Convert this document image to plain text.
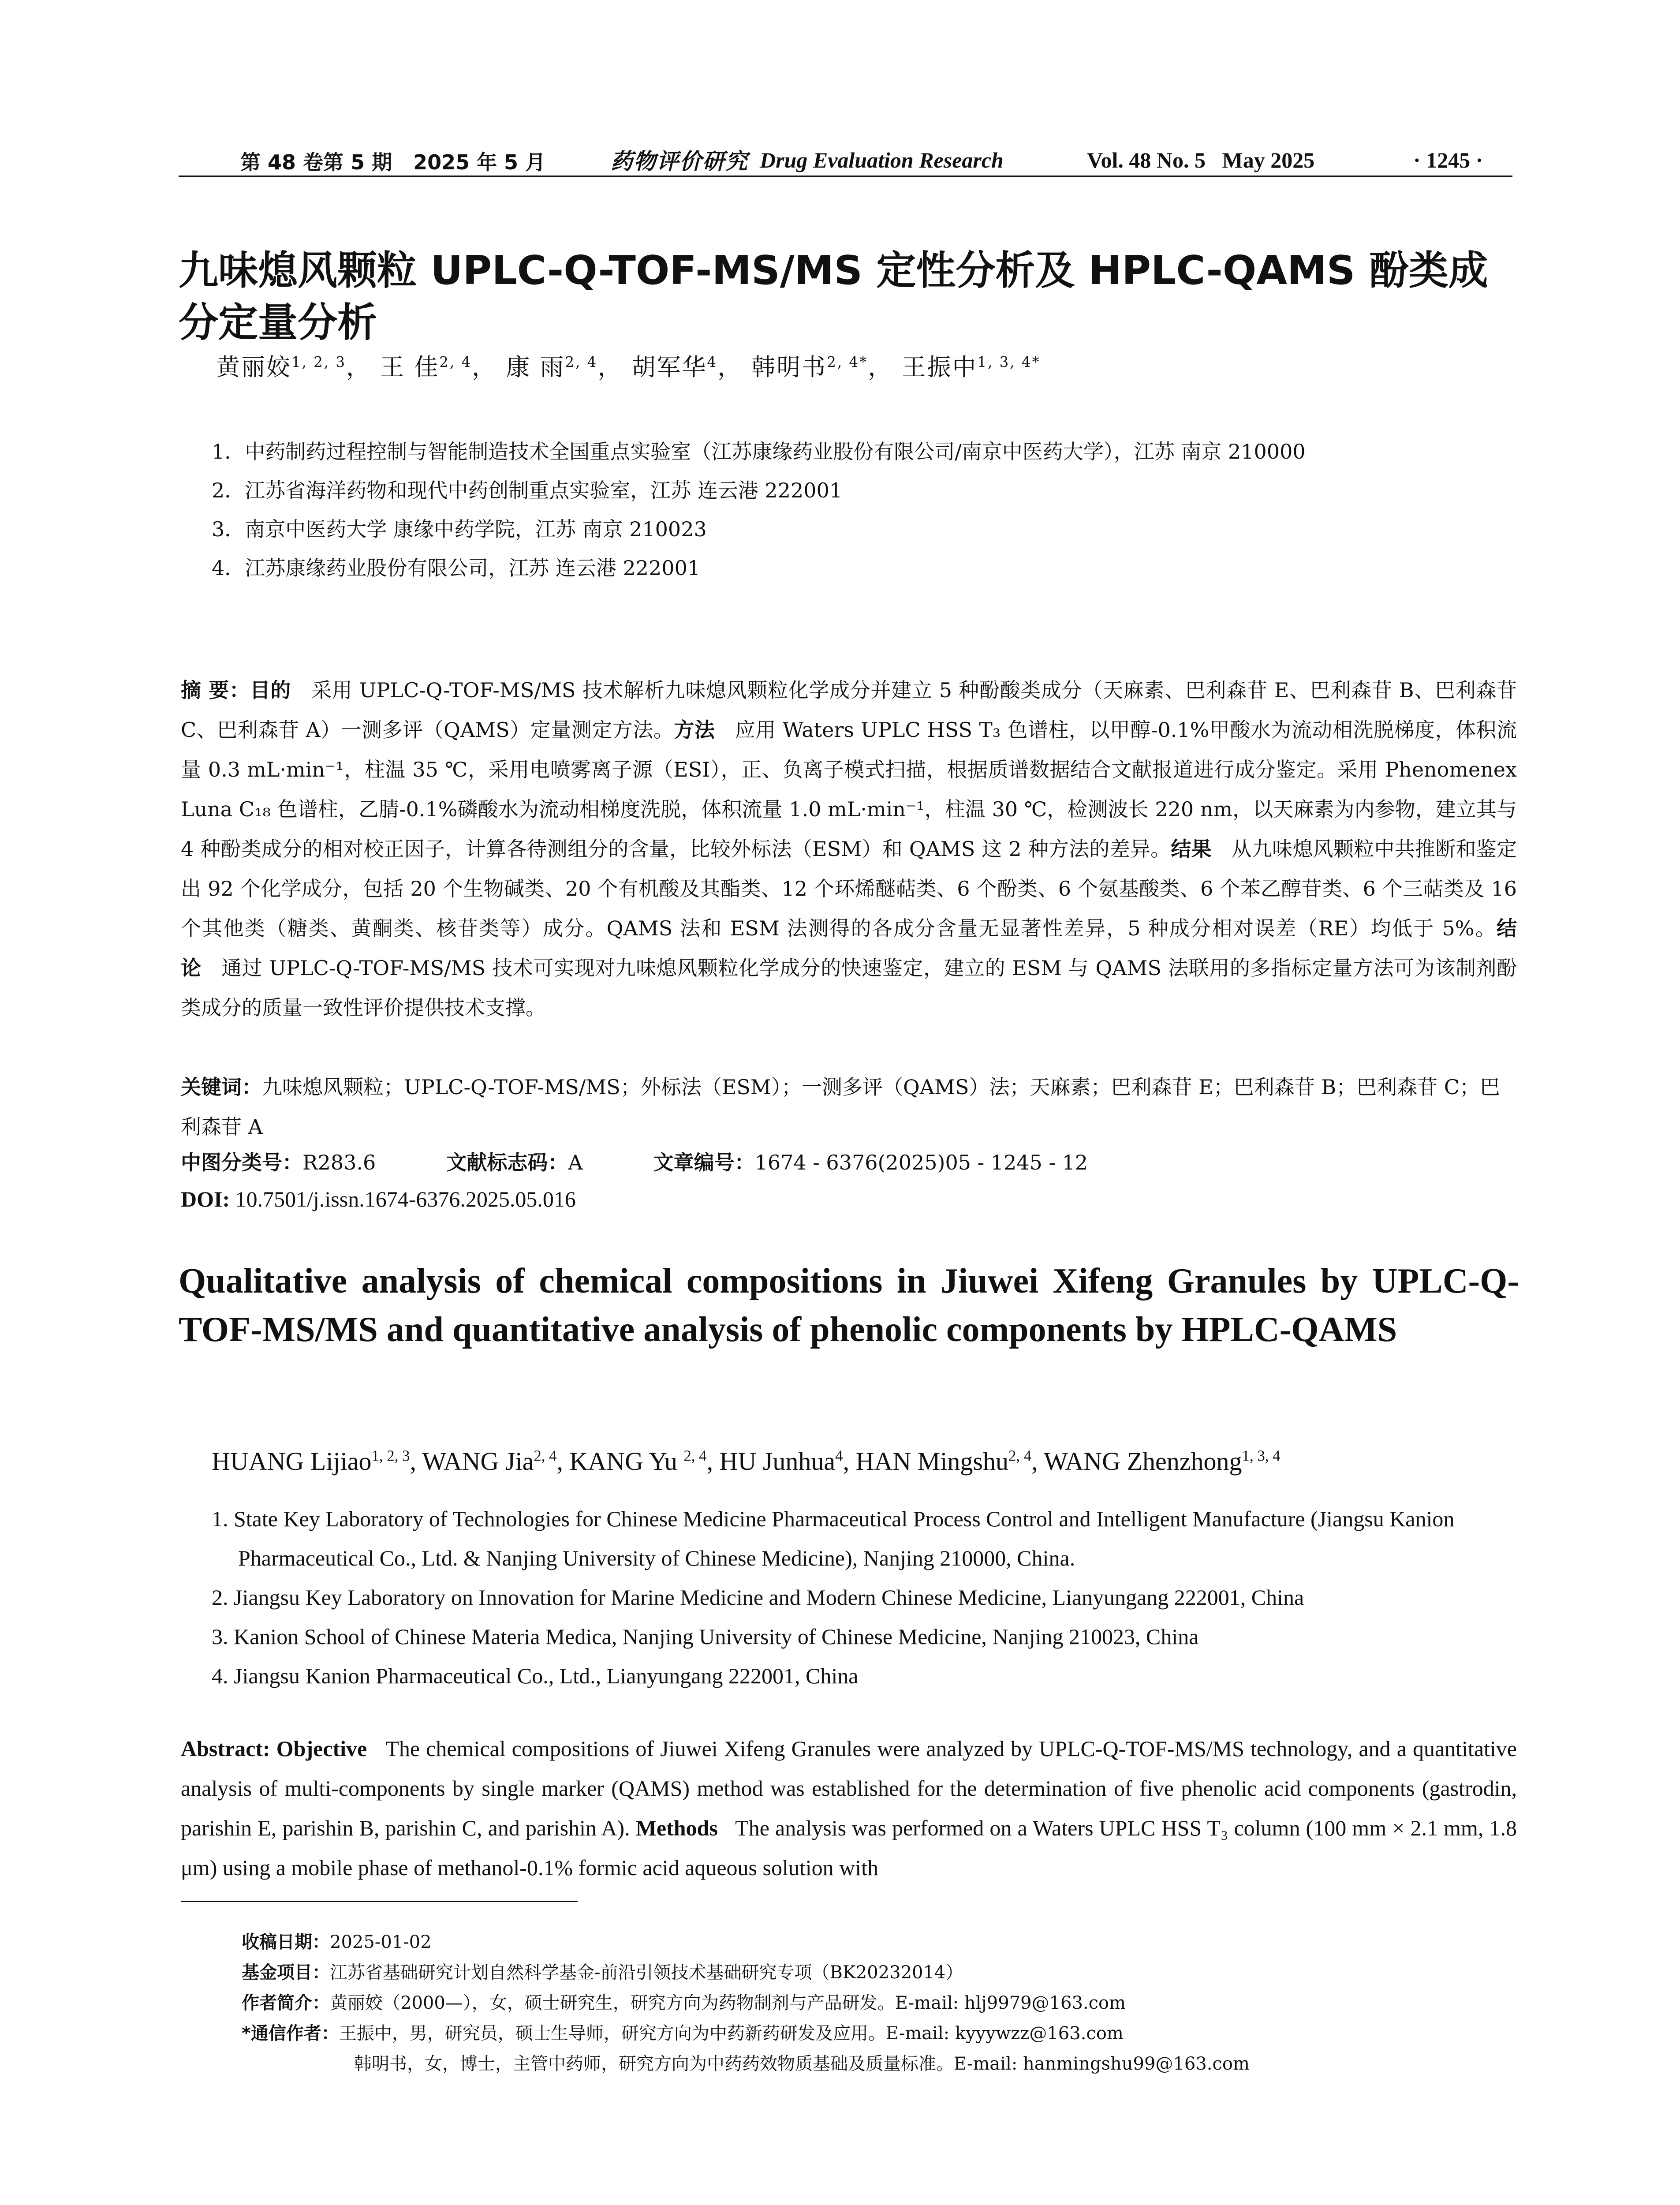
第 48 卷第 5 期   2025 年 5 月	药物评价研究 Drug Evaluation Research	Vol. 48 No. 5   May 2025	· 1245 ·
九味熄风颗粒 UPLC-Q-TOF-MS/MS 定性分析及 HPLC-QAMS 酚类成分定量分析
黄丽姣$^{1, 2, 3}$， 王 佳$^{2, 4}$， 康 雨$^{2, 4}$， 胡军华$^4$， 韩明书$^{2, 4*}$， 王振中$^{1, 3, 4*}$
1．中药制药过程控制与智能制造技术全国重点实验室（江苏康缘药业股份有限公司/南京中医药大学），江苏 南京 210000
2．江苏省海洋药物和现代中药创制重点实验室，江苏 连云港 222001
3．南京中医药大学 康缘中药学院，江苏 南京 210023
4．江苏康缘药业股份有限公司，江苏 连云港 222001
摘 要：目的 采用 UPLC-Q-TOF-MS/MS 技术解析九味熄风颗粒化学成分并建立 5 种酚酸类成分（天麻素、巴利森苷 E、巴利森苷 B、巴利森苷 C、巴利森苷 A）一测多评（QAMS）定量测定方法。方法 应用 Waters UPLC HSS T₃ 色谱柱，以甲醇-0.1%甲酸水为流动相洗脱梯度，体积流量 0.3 mL·min⁻¹，柱温 35 ℃，采用电喷雾离子源（ESI），正、负离子模式扫描，根据质谱数据结合文献报道进行成分鉴定。采用 Phenomenex Luna C₁₈ 色谱柱，乙腈-0.1%磷酸水为流动相梯度洗脱，体积流量 1.0 mL·min⁻¹，柱温 30 ℃，检测波长 220 nm，以天麻素为内参物，建立其与 4 种酚类成分的相对校正因子，计算各待测组分的含量，比较外标法（ESM）和 QAMS 这 2 种方法的差异。结果 从九味熄风颗粒中共推断和鉴定出 92 个化学成分，包括 20 个生物碱类、20 个有机酸及其酯类、12 个环烯醚萜类、6 个酚类、6 个氨基酸类、6 个苯乙醇苷类、6 个三萜类及 16 个其他类（糖类、黄酮类、核苷类等）成分。QAMS 法和 ESM 法测得的各成分含量无显著性差异，5 种成分相对误差（RE）均低于 5%。结论 通过 UPLC-Q-TOF-MS/MS 技术可实现对九味熄风颗粒化学成分的快速鉴定，建立的 ESM 与 QAMS 法联用的多指标定量方法可为该制剂酚类成分的质量一致性评价提供技术支撑。
关键词：九味熄风颗粒；UPLC-Q-TOF-MS/MS；外标法（ESM）；一测多评（QAMS）法；天麻素；巴利森苷 E；巴利森苷 B；巴利森苷 C；巴利森苷 A
中图分类号：R283.6	文献标志码：A	文章编号：1674 - 6376(2025)05 - 1245 - 12
DOI: 10.7501/j.issn.1674-6376.2025.05.016
Qualitative analysis of chemical compositions in Jiuwei Xifeng Granules by UPLC-Q-TOF-MS/MS and quantitative analysis of phenolic components by HPLC-QAMS
HUANG Lijiao$^{1, 2, 3}$, WANG Jia$^{2, 4}$, KANG Yu $^{2, 4}$, HU Junhua$^4$, HAN Mingshu$^{2, 4}$, WANG Zhenzhong$^{1, 3, 4}$
1. State Key Laboratory of Technologies for Chinese Medicine Pharmaceutical Process Control and Intelligent Manufacture (Jiangsu Kanion Pharmaceutical Co., Ltd. & Nanjing University of Chinese Medicine), Nanjing 210000, China.
2. Jiangsu Key Laboratory on Innovation for Marine Medicine and Modern Chinese Medicine, Lianyungang 222001, China
3. Kanion School of Chinese Materia Medica, Nanjing University of Chinese Medicine, Nanjing 210023, China
4. Jiangsu Kanion Pharmaceutical Co., Ltd., Lianyungang 222001, China
Abstract: Objective The chemical compositions of Jiuwei Xifeng Granules were analyzed by UPLC-Q-TOF-MS/MS technology, and a quantitative analysis of multi-components by single marker (QAMS) method was established for the determination of five phenolic acid components (gastrodin, parishin E, parishin B, parishin C, and parishin A). Methods The analysis was performed on a Waters UPLC HSS T₃ column (100 mm × 2.1 mm, 1.8 μm) using a mobile phase of methanol-0.1% formic acid aqueous solution with
收稿日期：2025-01-02
基金项目：江苏省基础研究计划自然科学基金-前沿引领技术基础研究专项（BK20232014）
作者简介：黄丽姣（2000—），女，硕士研究生，研究方向为药物制剂与产品研发。E-mail: hlj9979@163.com
*通信作者：王振中，男，研究员，硕士生导师，研究方向为中药新药研发及应用。E-mail: kyyywzz@163.com
韩明书，女，博士，主管中药师，研究方向为中药药效物质基础及质量标准。E-mail: hanmingshu99@163.com
